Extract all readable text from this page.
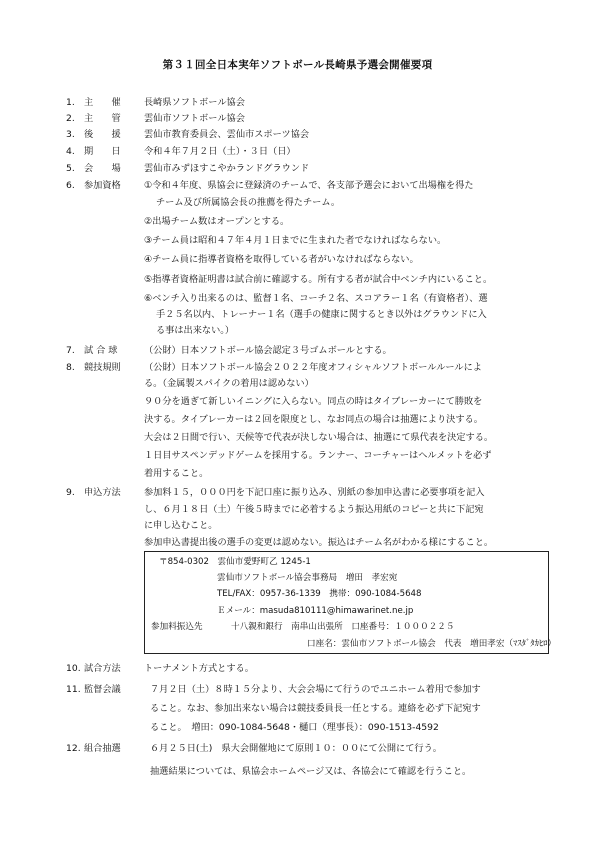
第３１回全日本実年ソフトボール長崎県予選会開催要項
1. 主　　催	長崎県ソフトボール協会
2. 主　　管	雲仙市ソフトボール協会
3. 後　　援	雲仙市教育委員会、雲仙市スポーツ協会
4. 期　　日	令和４年７月２日（土）・３日（日）
5. 会　　場	雲仙市みずほすこやかランドグラウンド
6. 参加資格	①令和４年度、県協会に登録済のチームで、各支部予選会において出場権を得た
チーム及び所属協会長の推薦を得たチーム。
②出場チーム数はオープンとする。
③チーム員は昭和４７年４月１日までに生まれた者でなければならない。
④チーム員に指導者資格を取得している者がいなければならない。
⑤指導者資格証明書は試合前に確認する。所有する者が試合中ベンチ内にいること。
⑥ベンチ入り出来るのは、監督１名、コーチ２名、スコアラー１名（有資格者）、選
手２５名以内、トレーナー１名（選手の健康に関するとき以外はグラウンドに入
る事は出来ない。）
7. 試 合 球	（公財）日本ソフトボール協会認定３号ゴムボールとする。
8. 競技規則	（公財）日本ソフトボール協会２０２２年度オフィシャルソフトボールルールによ
る。（金属製スパイクの着用は認めない）
９０分を過ぎて新しいイニングに入らない。同点の時はタイブレーカーにて勝敗を
決する。タイブレーカーは２回を限度とし、なお同点の場合は抽選により決する。
大会は２日間で行い、天候等で代表が決しない場合は、抽選にて県代表を決定する。
１日目サスペンデッドゲームを採用する。ランナー、コーチャーはヘルメットを必ず
着用すること。
9. 申込方法	参加料１５，０００円を下記口座に振り込み、別紙の参加申込書に必要事項を記入
し、６月１８日（土）午後５時までに必着するよう振込用紙のコピーと共に下記宛
に申し込むこと。
参加申込書提出後の選手の変更は認めない。振込はチーム名がわかる様にすること。
〒854-0302　雲仙市愛野町乙 1245-1
雲仙市ソフトボール協会事務局　増田　孝宏宛
TEL/FAX：0957-36-1339　携帯：090-1084-5648
Ｅメール：masuda810111@himawarinet.ne.jp
参加料振込先	十八親和銀行　南串山出張所　口座番号：１０００２２５
口座名：雲仙市ソフトボール協会　代表　増田孝宏（ﾏｽﾀﾞﾀｶﾋﾛ）
10. 試合方法	トーナメント方式とする。
11. 監督会議	７月２日（土）８時１５分より、大会会場にて行うのでユニホーム着用で参加す
ること。なお、参加出来ない場合は競技委員長一任とする。連絡を必ず下記宛す
ること。　増田：090-1084-5648・樋口（理事長）：090-1513-4592
12. 組合抽選	６月２５日(土)　県大会開催地にて原則１０：００にて公開にて行う。
抽選結果については、県協会ホームページ又は、各協会にて確認を行うこと。
